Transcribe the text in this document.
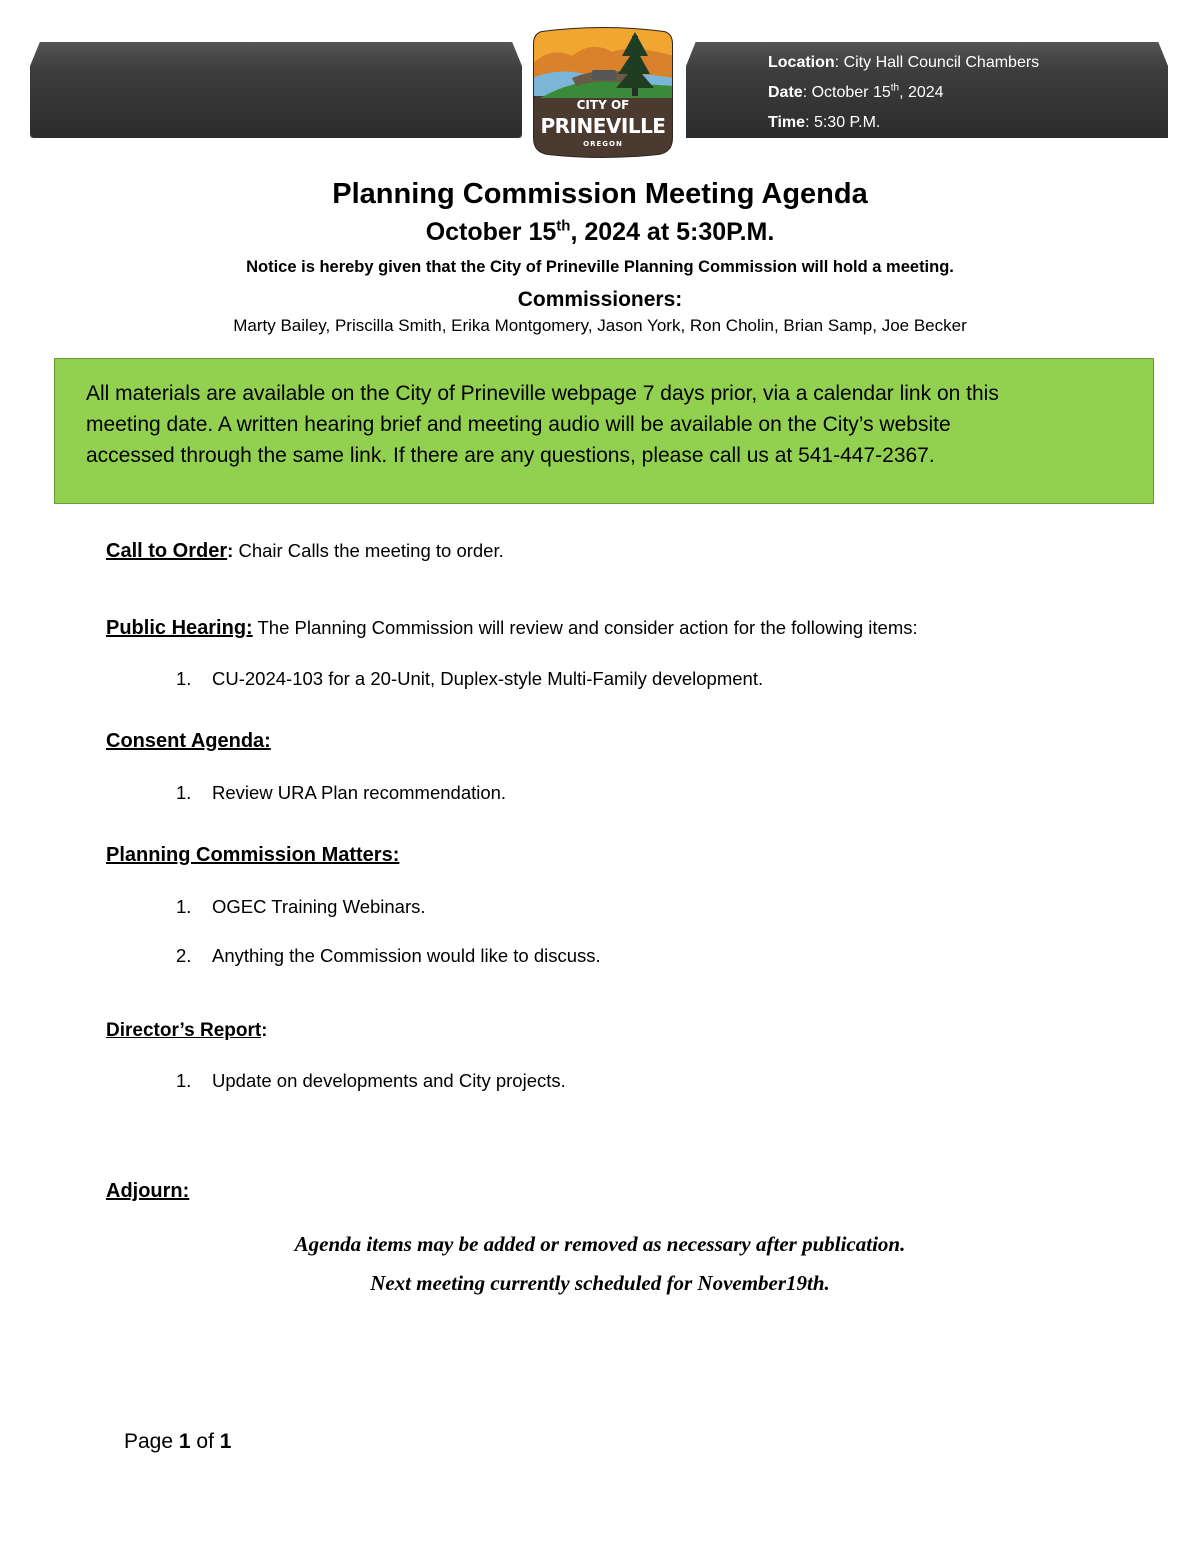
Location: City Hall Council Chambers
Date: October 15th, 2024
Time: 5:30 P.M.
CITY OF
PRINEVILLE
OREGON
Planning Commission Meeting Agenda
October 15th, 2024 at 5:30P.M.
Notice is hereby given that the City of Prineville Planning Commission will hold a meeting.
Commissioners:
Marty Bailey, Priscilla Smith, Erika Montgomery, Jason York, Ron Cholin, Brian Samp, Joe Becker
All materials are available on the City of Prineville webpage 7 days prior, via a calendar link on this
meeting date. A written hearing brief and meeting audio will be available on the City’s website
accessed through the same link. If there are any questions, please call us at 541-447-2367.
Call to Order: Chair Calls the meeting to order.
Public Hearing: The Planning Commission will review and consider action for the following items:
1. CU-2024-103 for a 20-Unit, Duplex-style Multi-Family development.
Consent Agenda:
1. Review URA Plan recommendation.
Planning Commission Matters:
1. OGEC Training Webinars.
2. Anything the Commission would like to discuss.
Director’s Report:
1. Update on developments and City projects.
Adjourn:
Agenda items may be added or removed as necessary after publication.
Next meeting currently scheduled for November19th.
Page 1 of 1
